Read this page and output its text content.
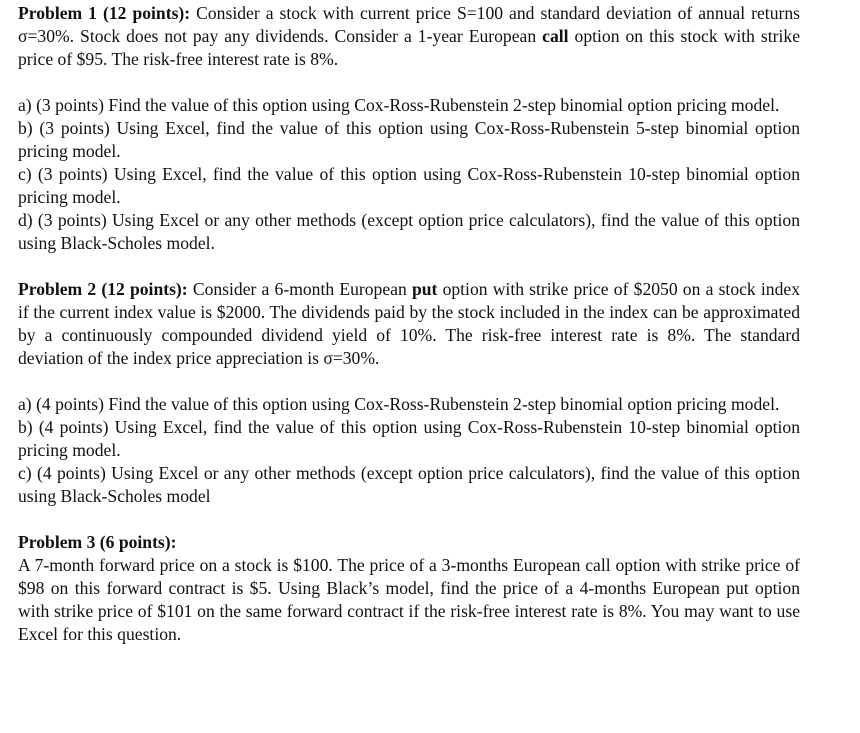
Problem 1 (12 points): Consider a stock with current price S=100 and standard deviation of annual returns σ=30%. Stock does not pay any dividends. Consider a 1-year European call option on this stock with strike price of $95. The risk-free interest rate is 8%.

a) (3 points) Find the value of this option using Cox-Ross-Rubenstein 2-step binomial option pricing model.

b) (3 points) Using Excel, find the value of this option using Cox-Ross-Rubenstein 5-step binomial option pricing model.

c) (3 points) Using Excel, find the value of this option using Cox-Ross-Rubenstein 10-step binomial option pricing model.

d) (3 points) Using Excel or any other methods (except option price calculators), find the value of this option using Black-Scholes model.

Problem 2 (12 points): Consider a 6-month European put option with strike price of $2050 on a stock index if the current index value is $2000. The dividends paid by the stock included in the index can be approximated by a continuously compounded dividend yield of 10%. The risk-free interest rate is 8%. The standard deviation of the index price appreciation is σ=30%.

a) (4 points) Find the value of this option using Cox-Ross-Rubenstein 2-step binomial option pricing model.

b) (4 points) Using Excel, find the value of this option using Cox-Ross-Rubenstein 10-step binomial option pricing model.

c) (4 points) Using Excel or any other methods (except option price calculators), find the value of this option using Black-Scholes model

Problem 3 (6 points):

A 7-month forward price on a stock is $100. The price of a 3-months European call option with strike price of $98 on this forward contract is $5. Using Black’s model, find the price of a 4-months European put option with strike price of $101 on the same forward contract if the risk-free interest rate is 8%. You may want to use Excel for this question.
